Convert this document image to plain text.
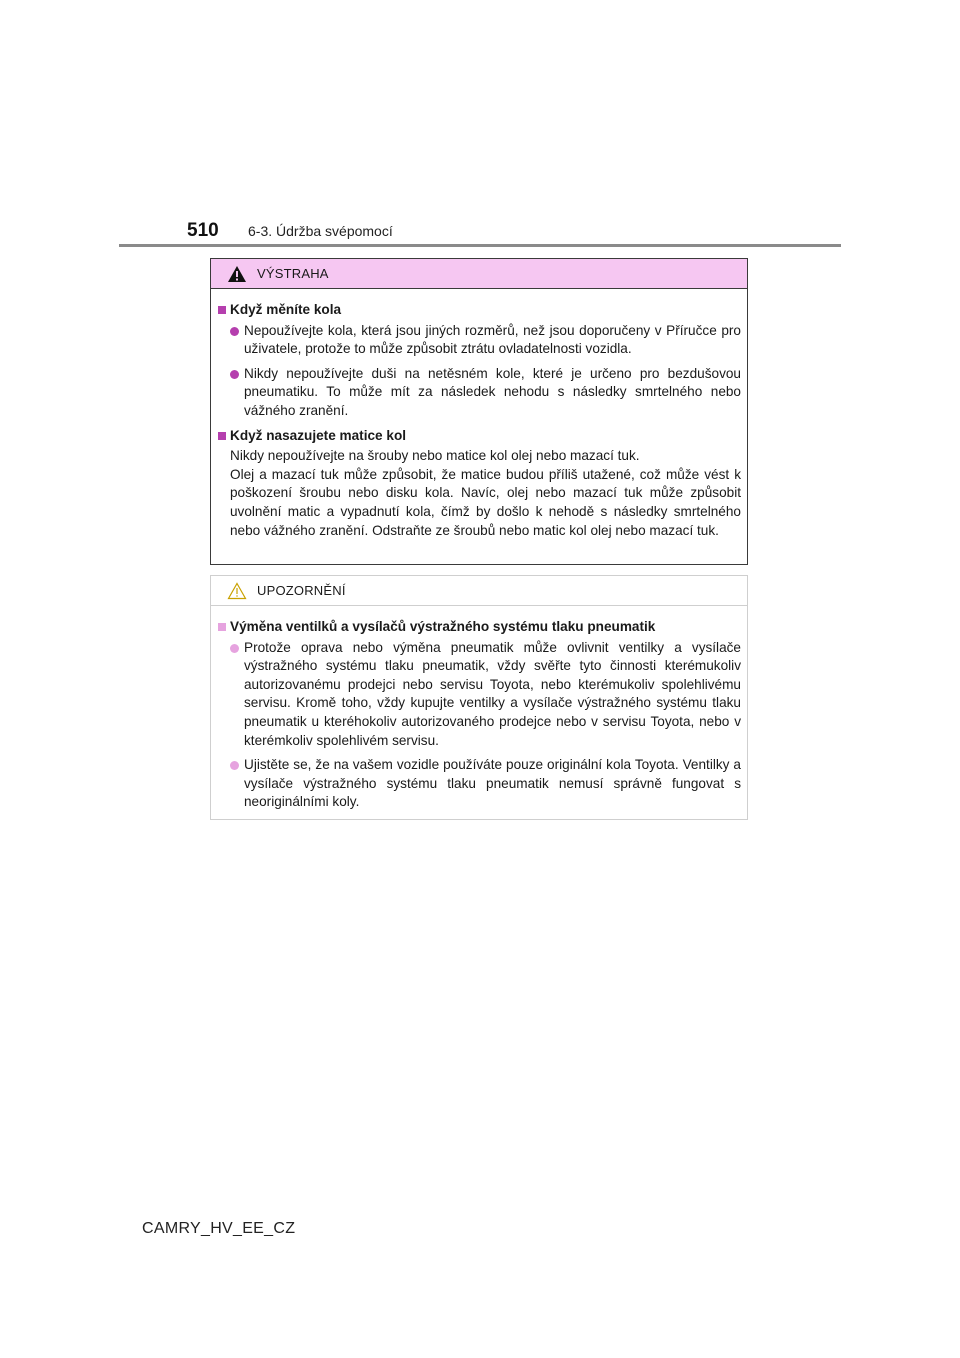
510 6-3. Údržba svépomocí
VÝSTRAHA
Když měníte kola
Nepoužívejte kola, která jsou jiných rozměrů, než jsou doporučeny v Příručce pro uživatele, protože to může způsobit ztrátu ovladatelnosti vozidla.
Nikdy nepoužívejte duši na netěsném kole, které je určeno pro bezdušovou pneumatiku. To může mít za následek nehodu s následky smrtelného nebo vážného zranění.
Když nasazujete matice kol
Nikdy nepoužívejte na šrouby nebo matice kol olej nebo mazací tuk.
Olej a mazací tuk může způsobit, že matice budou příliš utažené, což může vést k poškození šroubu nebo disku kola. Navíc, olej nebo mazací tuk může způsobit uvolnění matic a vypadnutí kola, čímž by došlo k nehodě s následky smrtelného nebo vážného zranění. Odstraňte ze šroubů nebo matic kol olej nebo mazací tuk.
UPOZORNĚNÍ
Výměna ventilků a vysílačů výstražného systému tlaku pneumatik
Protože oprava nebo výměna pneumatik může ovlivnit ventilky a vysílače výstražného systému tlaku pneumatik, vždy svěřte tyto činnosti kterémukoliv autorizovanému prodejci nebo servisu Toyota, nebo kterémukoliv spolehlivému servisu. Kromě toho, vždy kupujte ventilky a vysílače výstražného systému tlaku pneumatik u kteréhokoliv autorizovaného prodejce nebo v servisu Toyota, nebo v kterémkoliv spolehlivém servisu.
Ujistěte se, že na vašem vozidle používáte pouze originální kola Toyota. Ventilky a vysílače výstražného systému tlaku pneumatik nemusí správně fungovat s neoriginálními koly.
CAMRY_HV_EE_CZ
